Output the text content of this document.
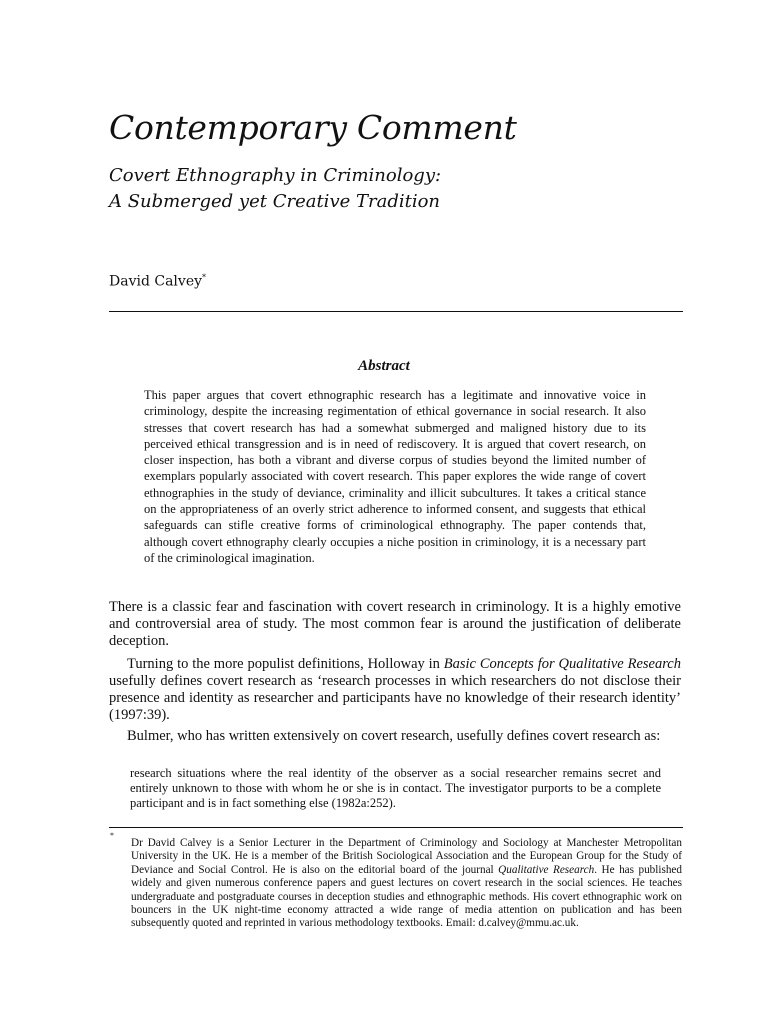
Contemporary Comment
Covert Ethnography in Criminology:
A Submerged yet Creative Tradition

David Calvey*

Abstract

This paper argues that covert ethnographic research has a legitimate and innovative voice in criminology, despite the increasing regimentation of ethical governance in social research. It also stresses that covert research has had a somewhat submerged and maligned history due to its perceived ethical transgression and is in need of rediscovery. It is argued that covert research, on closer inspection, has both a vibrant and diverse corpus of studies beyond the limited number of exemplars popularly associated with covert research. This paper explores the wide range of covert ethnographies in the study of deviance, criminality and illicit subcultures. It takes a critical stance on the appropriateness of an overly strict adherence to informed consent, and suggests that ethical safeguards can stifle creative forms of criminological ethnography. The paper contends that, although covert ethnography clearly occupies a niche position in criminology, it is a necessary part of the criminological imagination.

There is a classic fear and fascination with covert research in criminology. It is a highly emotive and controversial area of study. The most common fear is around the justification of deliberate deception.

Turning to the more populist definitions, Holloway in Basic Concepts for Qualitative Research usefully defines covert research as ‘research processes in which researchers do not disclose their presence and identity as researcher and participants have no knowledge of their research identity’ (1997:39).

Bulmer, who has written extensively on covert research, usefully defines covert research as:

research situations where the real identity of the observer as a social researcher remains secret and entirely unknown to those with whom he or she is in contact. The investigator purports to be a complete participant and is in fact something else (1982a:252).

*

Dr David Calvey is a Senior Lecturer in the Department of Criminology and Sociology at Manchester Metropolitan University in the UK. He is a member of the British Sociological Association and the European Group for the Study of Deviance and Social Control. He is also on the editorial board of the journal Qualitative Research. He has published widely and given numerous conference papers and guest lectures on covert research in the social sciences. He teaches undergraduate and postgraduate courses in deception studies and ethnographic methods. His covert ethnographic work on bouncers in the UK night-time economy attracted a wide range of media attention on publication and has been subsequently quoted and reprinted in various methodology textbooks. Email: d.calvey@mmu.ac.uk.
